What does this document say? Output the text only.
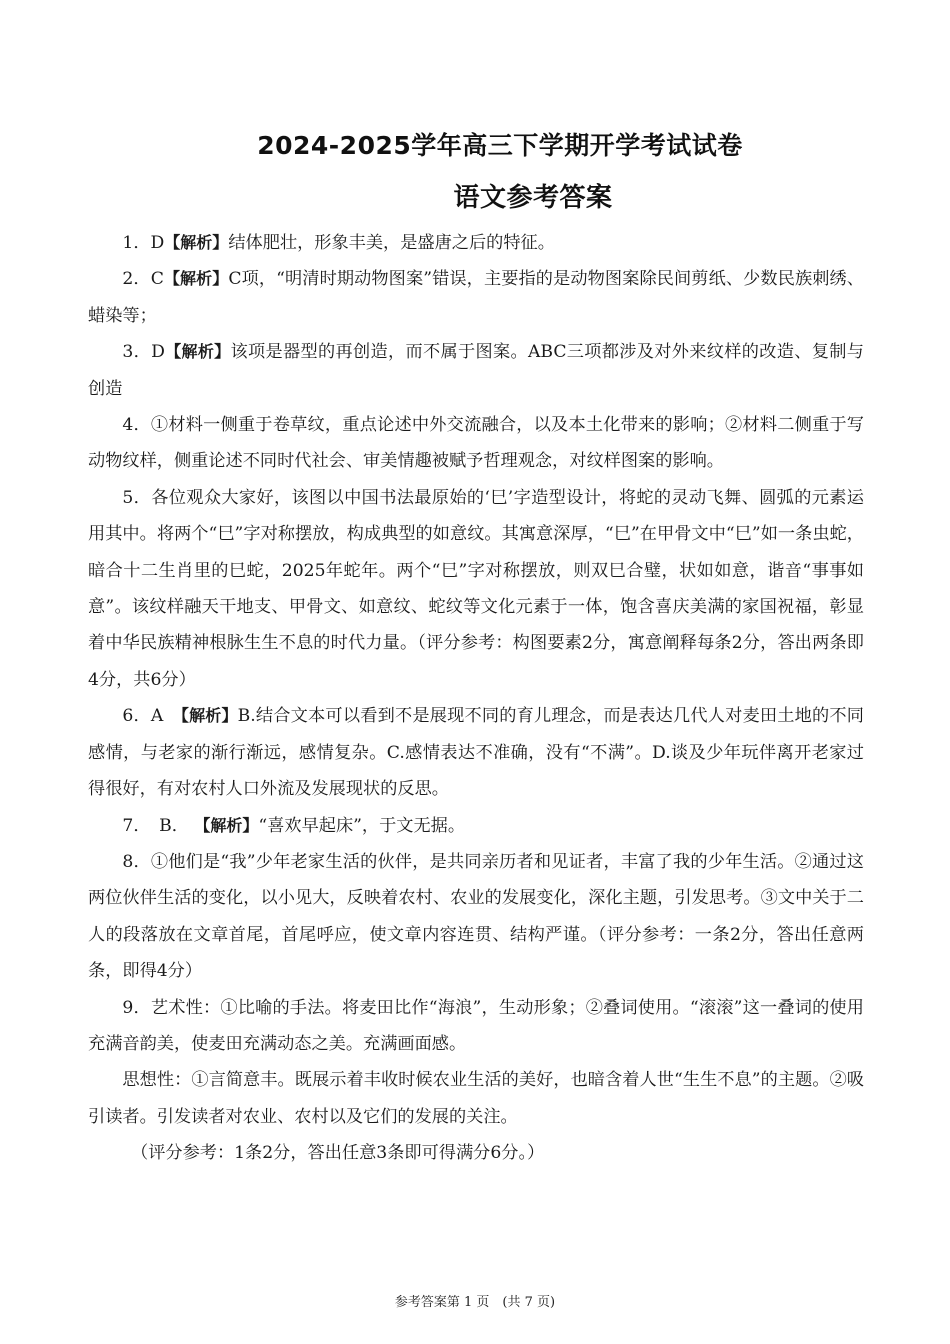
2024-2025学年高三下学期开学考试试卷
语文参考答案

1．D【解析】结体肥壮，形象丰美，是盛唐之后的特征。

2．C【解析】C项，“明清时期动物图案”错误，主要指的是动物图案除民间剪纸、少数民族刺绣、蜡染等；

3．D【解析】该项是器型的再创造，而不属于图案。ABC三项都涉及对外来纹样的改造、复制与创造

4．①材料一侧重于卷草纹，重点论述中外交流融合，以及本土化带来的影响；②材料二侧重于写动物纹样，侧重论述不同时代社会、审美情趣被赋予哲理观念，对纹样图案的影响。

5．各位观众大家好，该图以中国书法最原始的‘巳’字造型设计，将蛇的灵动飞舞、圆弧的元素运用其中。将两个“巳”字对称摆放，构成典型的如意纹。其寓意深厚，“巳”在甲骨文中“巳”如一条虫蛇，暗合十二生肖里的巳蛇，2025年蛇年。两个“巳”字对称摆放，则双巳合璧，状如如意，谐音“事事如意”。该纹样融天干地支、甲骨文、如意纹、蛇纹等文化元素于一体，饱含喜庆美满的家国祝福，彰显着中华民族精神根脉生生不息的时代力量。（评分参考：构图要素2分，寓意阐释每条2分，答出两条即4分，共6分）

6．A　【解析】B.结合文本可以看到不是展现不同的育儿理念，而是表达几代人对麦田土地的不同感情，与老家的渐行渐远，感情复杂。C.感情表达不准确，没有“不满”。D.谈及少年玩伴离开老家过得很好，有对农村人口外流及发展现状的反思。

7．　B． 【解析】“喜欢早起床”，于文无据。

8．①他们是“我”少年老家生活的伙伴，是共同亲历者和见证者，丰富了我的少年生活。②通过这两位伙伴生活的变化，以小见大，反映着农村、农业的发展变化，深化主题，引发思考。③文中关于二人的段落放在文章首尾，首尾呼应，使文章内容连贯、结构严谨。（评分参考：一条2分，答出任意两条，即得4分）

9．艺术性：①比喻的手法。将麦田比作“海浪”，生动形象；②叠词使用。“滚滚”这一叠词的使用充满音韵美，使麦田充满动态之美。充满画面感。

思想性：①言简意丰。既展示着丰收时候农业生活的美好，也暗含着人世“生生不息”的主题。②吸引读者。引发读者对农业、农村以及它们的发展的关注。

（评分参考：1条2分，答出任意3条即可得满分6分。）

参考答案第 1 页　(共 7 页)
